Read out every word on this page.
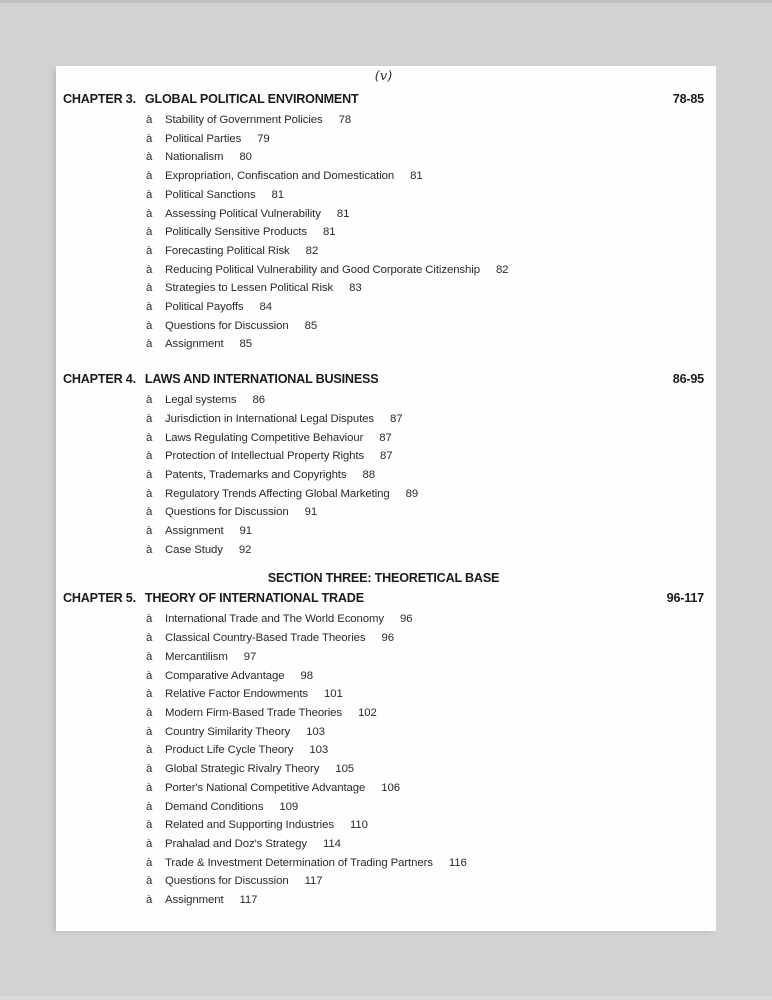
(v)
CHAPTER 3. GLOBAL POLITICAL ENVIRONMENT	78-85
à	Stability of Government Policies 78
à	Political Parties 79
à	Nationalism 80
à	Expropriation, Confiscation and Domestication 81
à	Political Sanctions 81
à	Assessing Political Vulnerability 81
à	Politically Sensitive Products 81
à	Forecasting Political Risk 82
à	Reducing Political Vulnerability and Good Corporate Citizenship 82
à	Strategies to Lessen Political Risk 83
à	Political Payoffs 84
à	Questions for Discussion 85
à	Assignment 85
CHAPTER 4. LAWS AND INTERNATIONAL BUSINESS	86-95
à	Legal systems 86
à	Jurisdiction in International Legal Disputes 87
à	Laws Regulating Competitive Behaviour 87
à	Protection of Intellectual Property Rights 87
à	Patents, Trademarks and Copyrights 88
à	Regulatory Trends Affecting Global Marketing 89
à	Questions for Discussion 91
à	Assignment 91
à	Case Study 92
SECTION THREE: THEORETICAL BASE
CHAPTER 5. THEORY OF INTERNATIONAL TRADE	96-117
à	International Trade and The World Economy 96
à	Classical Country-Based Trade Theories 96
à	Mercantilism 97
à	Comparative Advantage 98
à	Relative Factor Endowments 101
à	Modern Firm-Based Trade Theories 102
à	Country Similarity Theory 103
à	Product Life Cycle Theory 103
à	Global Strategic Rivalry Theory 105
à	Porter's National Competitive Advantage 106
à	Demand Conditions 109
à	Related and Supporting Industries 110
à	Prahalad and Doz's Strategy 114
à	Trade & Investment Determination of Trading Partners 116
à	Questions for Discussion 117
à	Assignment 117
